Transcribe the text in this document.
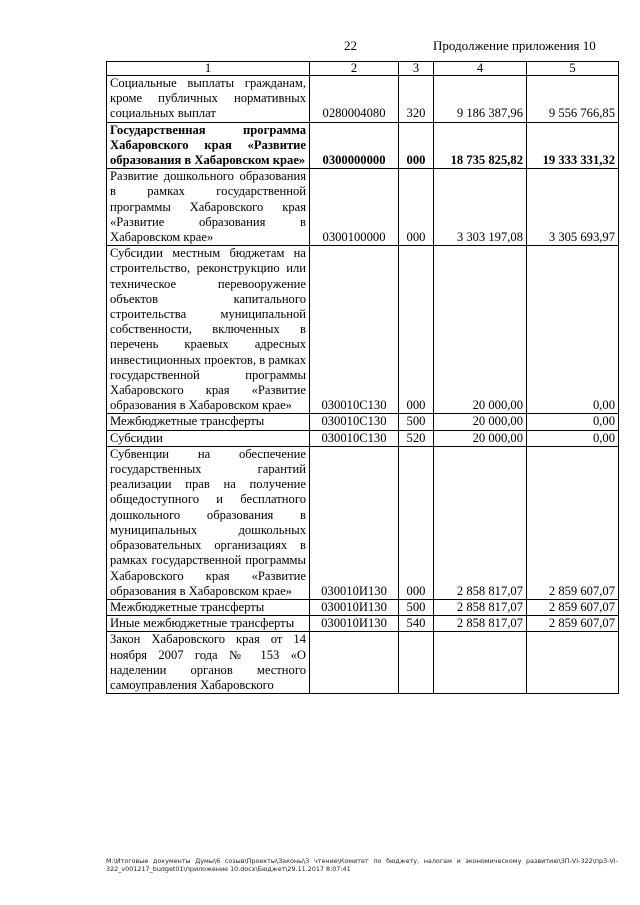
22	Продолжение приложения 10
1	2	3	4	5
Социальные выплаты гражданам, кроме публичных нормативных социальных выплат	0280004080	320	9 186 387,96	9 556 766,85
Государственная программа Хабаровского края «Развитие образования в Хабаровском крае»	0300000000	000	18 735 825,82	19 333 331,32
Развитие дошкольного образования в рамках государственной программы Хабаровского края «Развитие образования в Хабаровском крае»	0300100000	000	3 303 197,08	3 305 693,97
Субсидии местным бюджетам на строительство, реконструкцию или техническое перевооружение объектов капитального строительства муниципальной собственности, включенных в перечень краевых адресных инвестиционных проектов, в рамках государственной программы Хабаровского края «Развитие образования в Хабаровском крае»	030010С130	000	20 000,00	0,00
Межбюджетные трансферты	030010С130	500	20 000,00	0,00
Субсидии	030010С130	520	20 000,00	0,00
Субвенции на обеспечение государственных гарантий реализации прав на получение общедоступного и бесплатного дошкольного образования в муниципальных дошкольных образовательных организациях в рамках государственной программы Хабаровского края «Развитие образования в Хабаровском крае»	030010И130	000	2 858 817,07	2 859 607,07
Межбюджетные трансферты	030010И130	500	2 858 817,07	2 859 607,07
Иные межбюджетные трансферты	030010И130	540	2 858 817,07	2 859 607,07
Закон Хабаровского края от 14 ноября 2007 года № 153 «О наделении органов местного самоуправления Хабаровского				
М:\Итоговые документы Думы\6 созыв\Проекты\Законы\3 чтение\Комитет по бюджету, налогам и экономическому развитию\3П-VI-322\пр3-VI-322_v001217_budget01\приложение 10.docx\Бюджет\29.11.2017 8:07:41
